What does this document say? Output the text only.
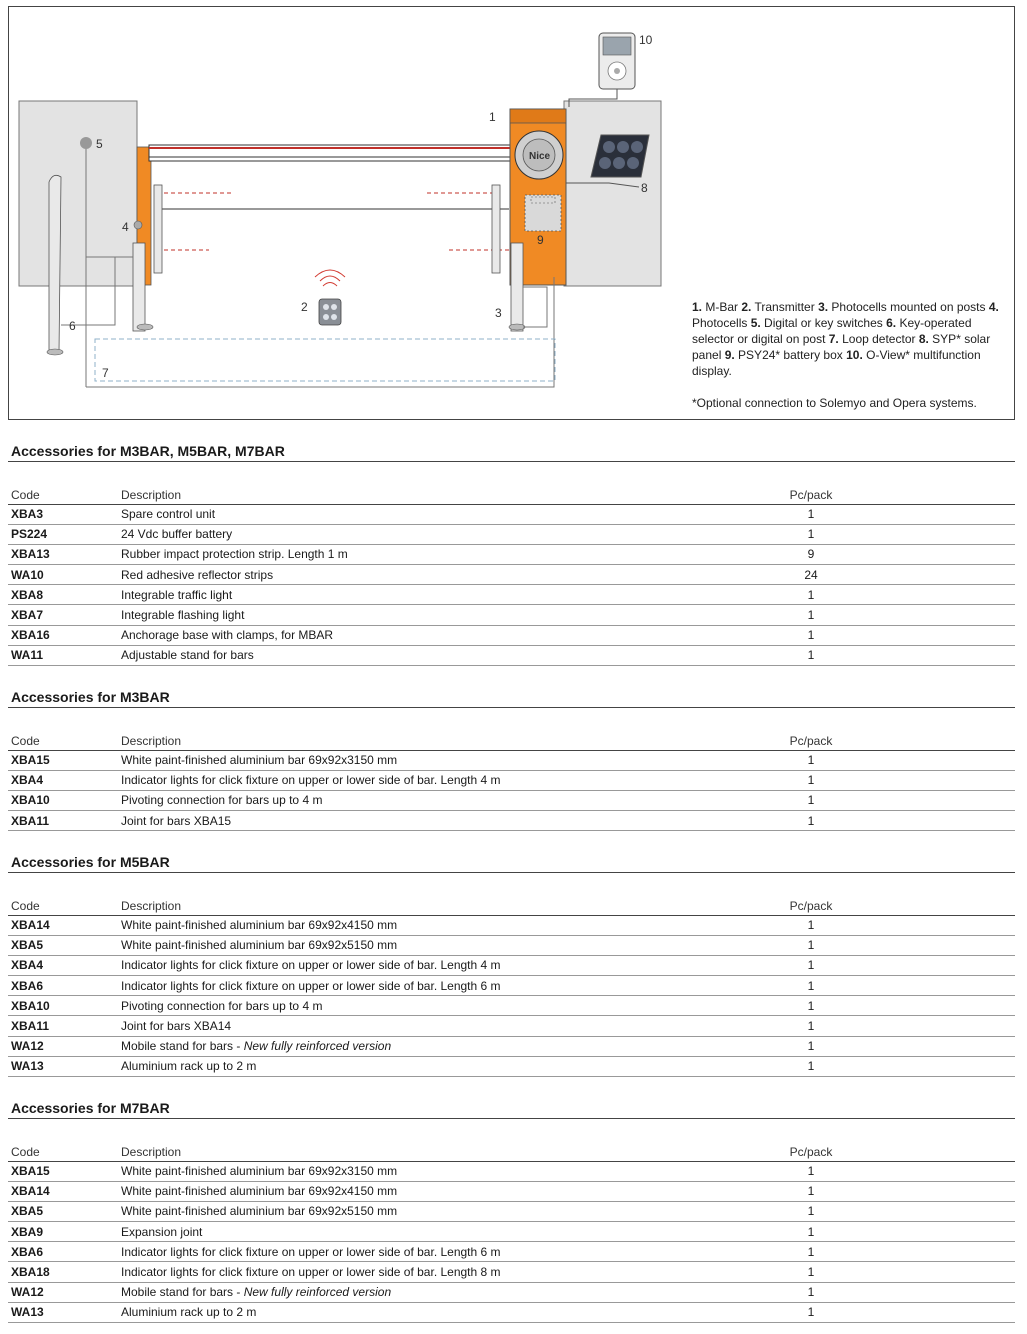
Nice
1
2	3
4
5
6
7
8
9
10
1. M-Bar 2. Transmitter 3. Photocells mounted on posts 4. Photocells 5. Digital or key switches 6. Key-operated selector or digital on post 7. Loop detector 8. SYP* solar panel 9. PSY24* battery box 10. O-View* multifunction display.
*Optional connection to Solemyo and Opera systems.
Accessories for M3BAR, M5BAR, M7BAR
Code	Description	Pc/pack	
XBA3	Spare control unit	1	
PS224	24 Vdc buffer battery	1	
XBA13	Rubber impact protection strip. Length 1 m	9	
WA10	Red adhesive reflector strips	24	
XBA8	Integrable traffic light	1	
XBA7	Integrable flashing light	1	
XBA16	Anchorage base with clamps, for MBAR	1	
WA11	Adjustable stand for bars	1	
Accessories for M3BAR
Code	Description	Pc/pack	
XBA15	White paint-finished aluminium bar 69x92x3150 mm	1	
XBA4	Indicator lights for click fixture on upper or lower side of bar. Length 4 m	1	
XBA10	Pivoting connection for bars up to 4 m	1	
XBA11	Joint for bars XBA15	1	
Accessories for M5BAR
Code	Description	Pc/pack	
XBA14	White paint-finished aluminium bar 69x92x4150 mm	1	
XBA5	White paint-finished aluminium bar 69x92x5150 mm	1	
XBA4	Indicator lights for click fixture on upper or lower side of bar. Length 4 m	1	
XBA6	Indicator lights for click fixture on upper or lower side of bar. Length 6 m	1	
XBA10	Pivoting connection for bars up to 4 m	1	
XBA11	Joint for bars XBA14	1	
WA12	Mobile stand for bars - New fully reinforced version	1	
WA13	Aluminium rack up to 2 m	1	
Accessories for M7BAR
Code	Description	Pc/pack	
XBA15	White paint-finished aluminium bar 69x92x3150 mm	1	
XBA14	White paint-finished aluminium bar 69x92x4150 mm	1	
XBA5	White paint-finished aluminium bar 69x92x5150 mm	1	
XBA9	Expansion joint	1	
XBA6	Indicator lights for click fixture on upper or lower side of bar. Length 6 m	1	
XBA18	Indicator lights for click fixture on upper or lower side of bar. Length 8 m	1	
WA12	Mobile stand for bars - New fully reinforced version	1	
WA13	Aluminium rack up to 2 m	1	
